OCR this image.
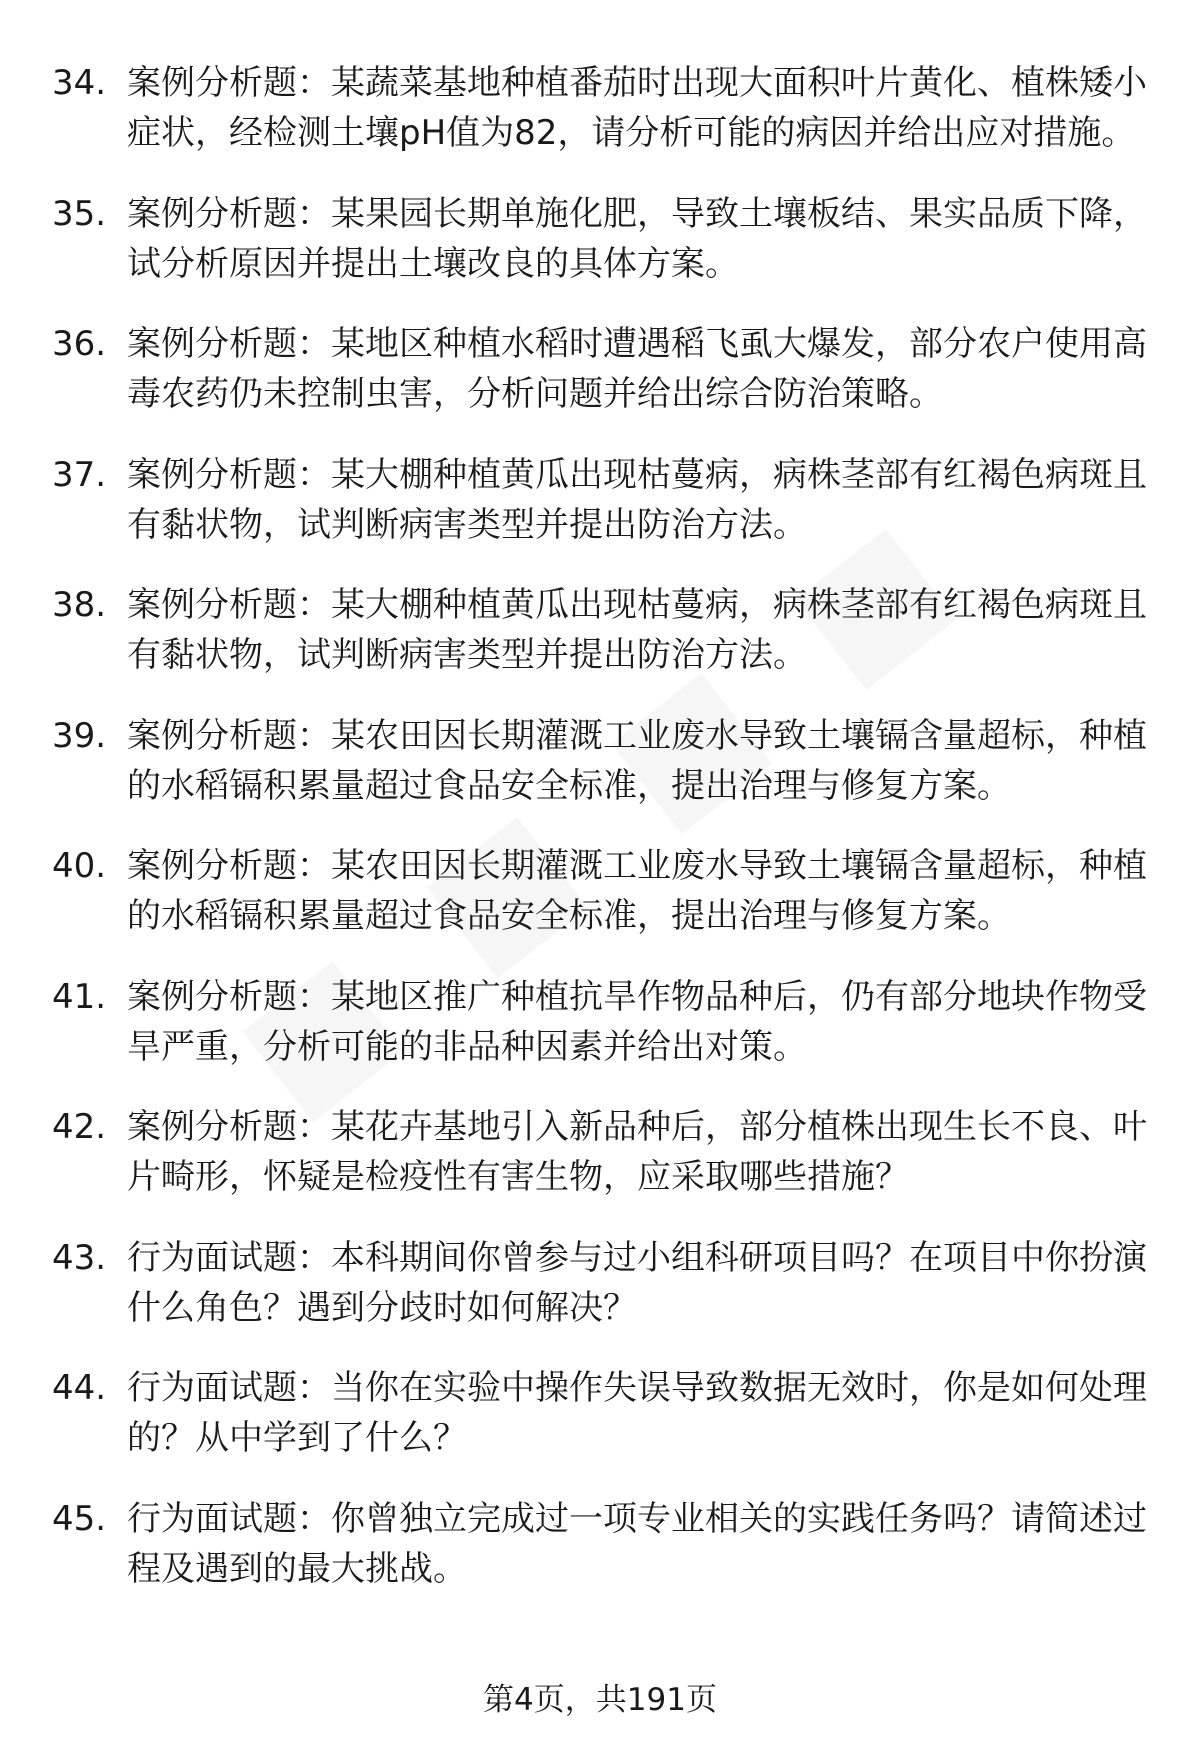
34. 案例分析题：某蔬菜基地种植番茄时出现大面积叶片黄化、植株矮小症状，经检测土壤pH值为82，请分析可能的病因并给出应对措施。
35. 案例分析题：某果园长期单施化肥，导致土壤板结、果实品质下降，试分析原因并提出土壤改良的具体方案。
36. 案例分析题：某地区种植水稻时遭遇稻飞虱大爆发，部分农户使用高毒农药仍未控制虫害，分析问题并给出综合防治策略。
37. 案例分析题：某大棚种植黄瓜出现枯蔓病，病株茎部有红褐色病斑且有黏状物，试判断病害类型并提出防治方法。
38. 案例分析题：某大棚种植黄瓜出现枯蔓病，病株茎部有红褐色病斑且有黏状物，试判断病害类型并提出防治方法。
39. 案例分析题：某农田因长期灌溉工业废水导致土壤镉含量超标，种植的水稻镉积累量超过食品安全标准，提出治理与修复方案。
40. 案例分析题：某农田因长期灌溉工业废水导致土壤镉含量超标，种植的水稻镉积累量超过食品安全标准，提出治理与修复方案。
41. 案例分析题：某地区推广种植抗旱作物品种后，仍有部分地块作物受旱严重，分析可能的非品种因素并给出对策。
42. 案例分析题：某花卉基地引入新品种后，部分植株出现生长不良、叶片畸形，怀疑是检疫性有害生物，应采取哪些措施？
43. 行为面试题：本科期间你曾参与过小组科研项目吗？在项目中你扮演什么角色？遇到分歧时如何解决？
44. 行为面试题：当你在实验中操作失误导致数据无效时，你是如何处理的？从中学到了什么？
45. 行为面试题：你曾独立完成过一项专业相关的实践任务吗？请简述过程及遇到的最大挑战。
第4页，共191页
